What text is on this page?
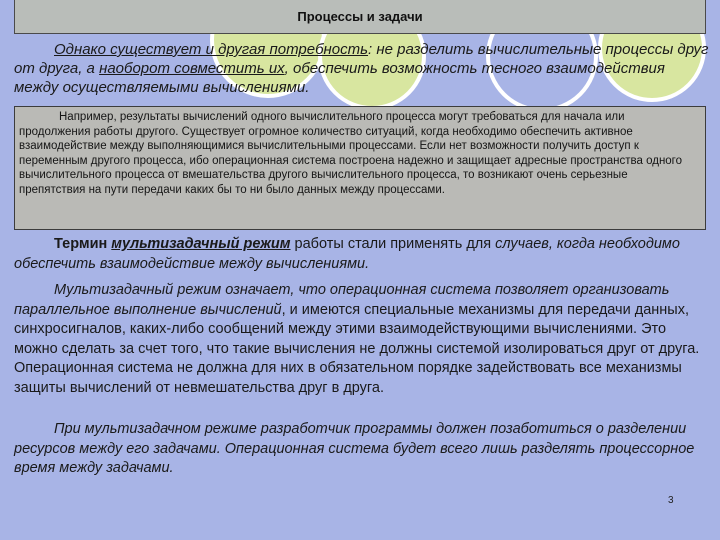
Процессы и задачи

Однако существует и другая потребность: не разделить вычислительные процессы друг от друга, а наоборот совместить их, обеспечить возможность тесного взаимодействия между осуществляемыми вычислениями.

Например, результаты вычислений одного вычислительного процесса могут требоваться для начала или продолжения работы другого. Существует огромное количество ситуаций, когда необходимо обеспечить активное взаимодействие между выполняющимися вычислительными процессами. Если нет возможности получить доступ к переменным другого процесса, ибо операционная система построена надежно и защищает адресные пространства одного вычислительного процесса от вмешательства другого вычислительного процесса, то возникают очень серьезные препятствия на пути передачи каких бы то ни было данных между процессами.

Термин мультизадачный режим работы стали применять для случаев, когда необходимо обеспечить взаимодействие между вычислениями.

Мультизадачный режим означает, что операционная система позволяет организовать параллельное выполнение вычислений, и имеются специальные механизмы для передачи данных, синхросигналов, каких-либо сообщений между этими взаимодействующими вычислениями. Это можно сделать за счет того, что такие вычисления не должны системой изолироваться друг от друга. Операционная система не должна для них в обязательном порядке задействовать все механизмы защиты вычислений от невмешательства друг в друга.

При мультизадачном режиме разработчик программы должен позаботиться о разделении ресурсов между его задачами. Операционная система будет всего лишь разделять процессорное время между задачами.

3
